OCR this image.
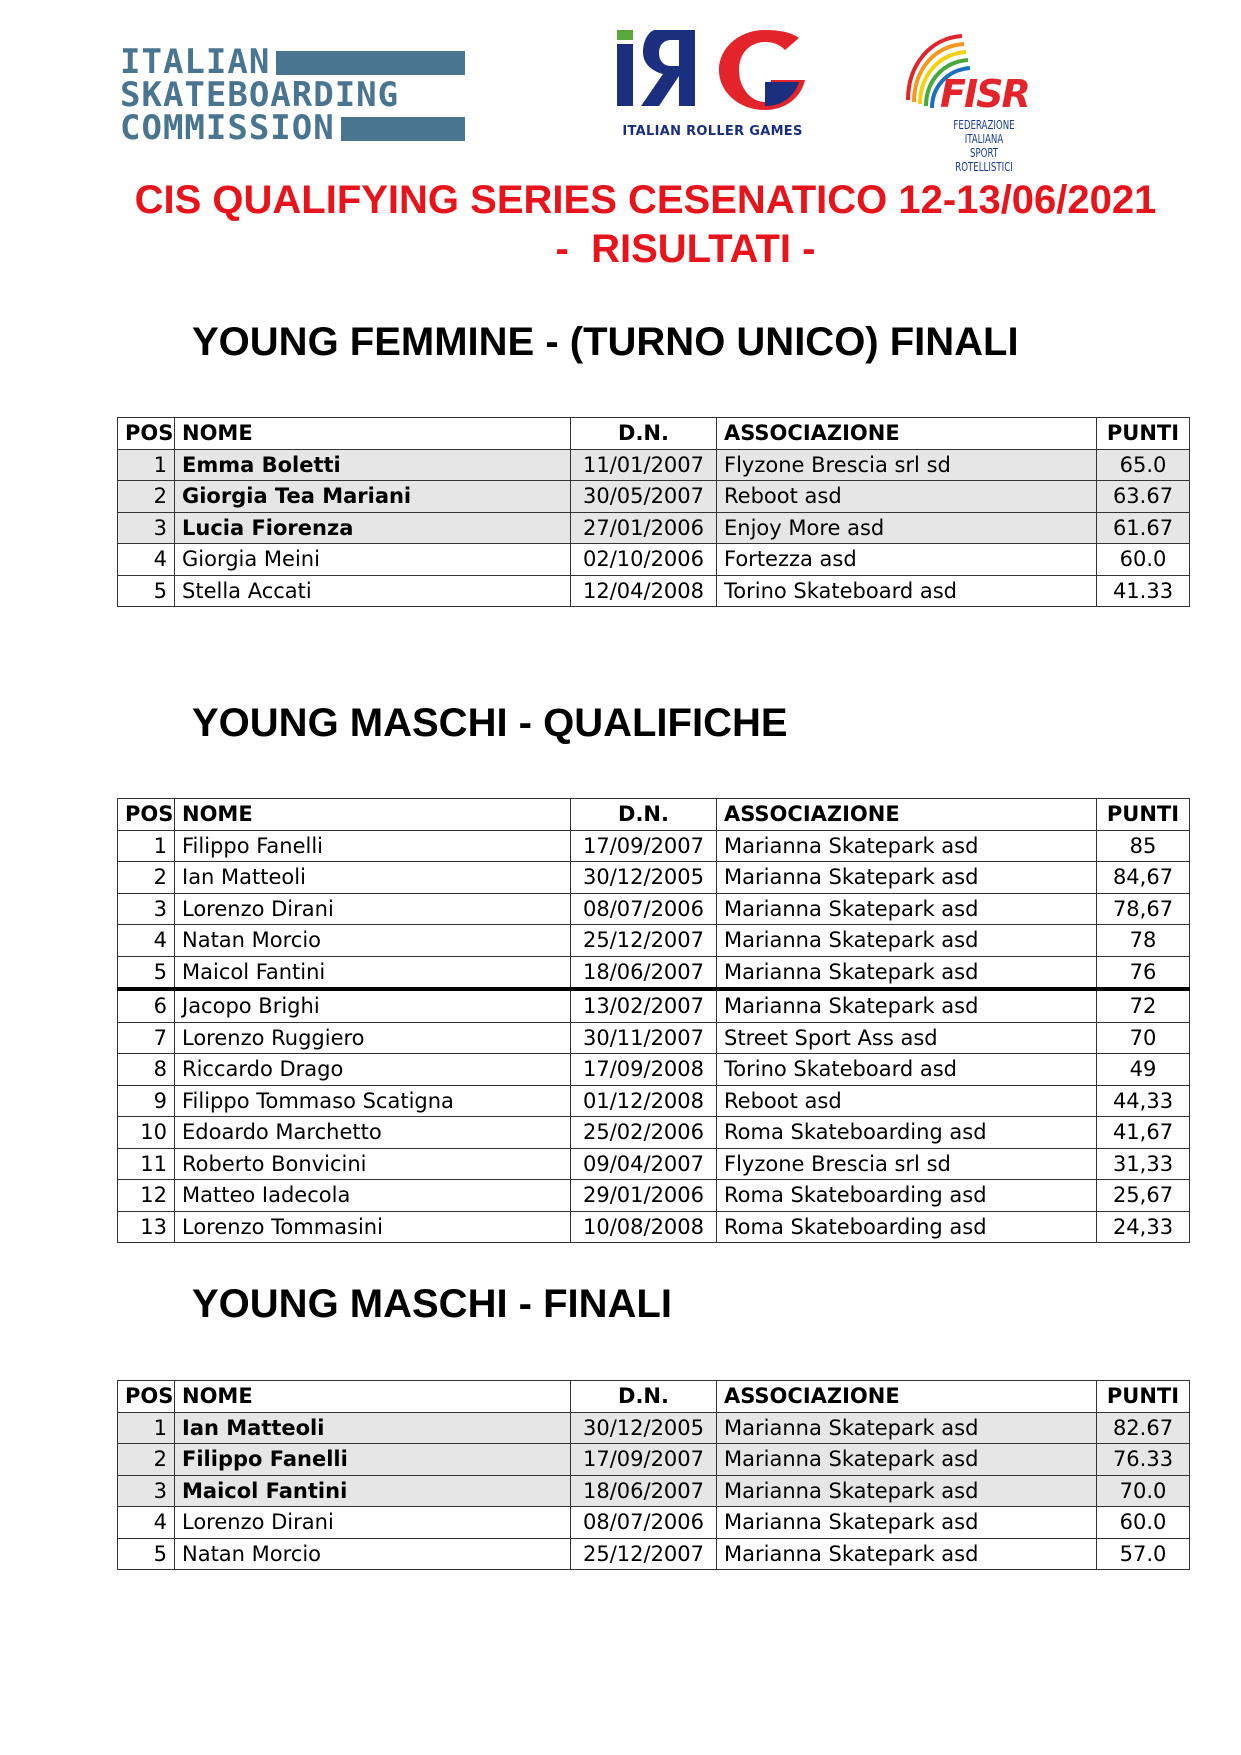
ITALIAN
SKATEBOARDING
COMMISSION	ITALIAN ROLLER GAMES
FISR
FEDERAZIONE ITALIANA
SPORT ROTELLISTICI
CIS QUALIFYING SERIES CESENATICO 12-13/06/2021
-  RISULTATI -
YOUNG FEMMINE - (TURNO UNICO) FINALI
POS	NOME	D.N.	ASSOCIAZIONE	PUNTI
1	Emma Boletti	11/01/2007	Flyzone Brescia srl sd	65.0
2	Giorgia Tea Mariani	30/05/2007	Reboot asd	63.67
3	Lucia Fiorenza	27/01/2006	Enjoy More asd	61.67
4	Giorgia Meini	02/10/2006	Fortezza asd	60.0
5	Stella Accati	12/04/2008	Torino Skateboard asd	41.33
YOUNG MASCHI - QUALIFICHE
POS	NOME	D.N.	ASSOCIAZIONE	PUNTI
1	Filippo Fanelli	17/09/2007	Marianna Skatepark asd	85
2	Ian Matteoli	30/12/2005	Marianna Skatepark asd	84,67
3	Lorenzo Dirani	08/07/2006	Marianna Skatepark asd	78,67
4	Natan Morcio	25/12/2007	Marianna Skatepark asd	78
5	Maicol Fantini	18/06/2007	Marianna Skatepark asd	76
6	Jacopo Brighi	13/02/2007	Marianna Skatepark asd	72
7	Lorenzo Ruggiero	30/11/2007	Street Sport Ass asd	70
8	Riccardo Drago	17/09/2008	Torino Skateboard asd	49
9	Filippo Tommaso Scatigna	01/12/2008	Reboot asd	44,33
10	Edoardo Marchetto	25/02/2006	Roma Skateboarding asd	41,67
11	Roberto Bonvicini	09/04/2007	Flyzone Brescia srl sd	31,33
12	Matteo Iadecola	29/01/2006	Roma Skateboarding asd	25,67
13	Lorenzo Tommasini	10/08/2008	Roma Skateboarding asd	24,33
YOUNG MASCHI - FINALI
POS	NOME	D.N.	ASSOCIAZIONE	PUNTI
1	Ian Matteoli	30/12/2005	Marianna Skatepark asd	82.67
2	Filippo Fanelli	17/09/2007	Marianna Skatepark asd	76.33
3	Maicol Fantini	18/06/2007	Marianna Skatepark asd	70.0
4	Lorenzo Dirani	08/07/2006	Marianna Skatepark asd	60.0
5	Natan Morcio	25/12/2007	Marianna Skatepark asd	57.0
